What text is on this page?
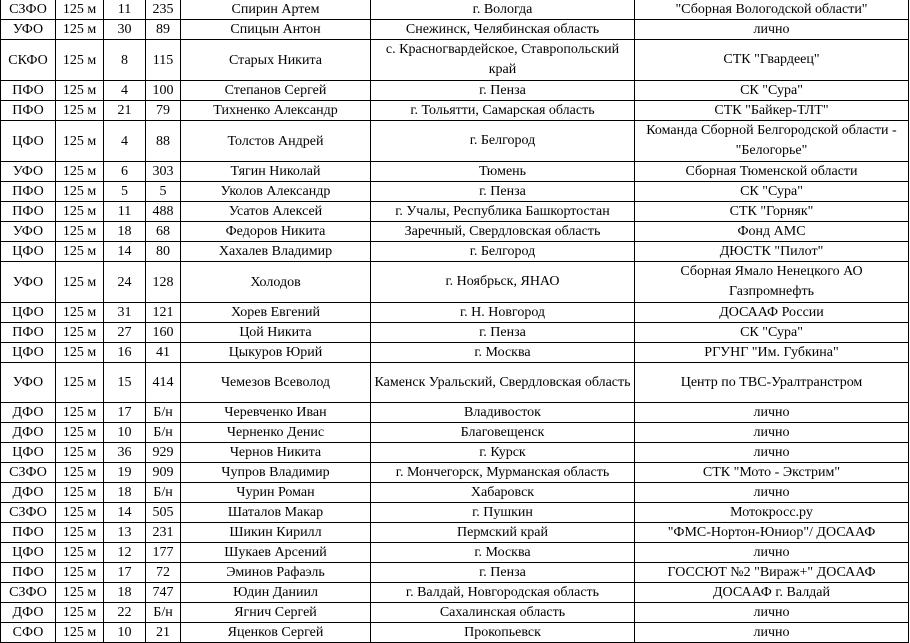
СЗФО	125 м	11	235	Спирин Артем	г. Вологда	"Сборная Вологодской области"
УФО	125 м	30	89	Спицын Антон	Снежинск, Челябинская область	лично
СКФО	125 м	8	115	Старых Никита	с. Красногвардейское, Ставропольский край	СТК "Гвардеец"
ПФО	125 м	4	100	Степанов Сергей	г. Пенза	СК "Сура"
ПФО	125 м	21	79	Тихненко Александр	г. Тольятти, Самарская область	СТК "Байкер-ТЛТ"
ЦФО	125 м	4	88	Толстов Андрей	г. Белгород	Команда Сборной Белгородской области - "Белогорье"
УФО	125 м	6	303	Тягин Николай	Тюмень	Сборная Тюменской области
ПФО	125 м	5	5	Уколов Александр	г. Пенза	СК "Сура"
ПФО	125 м	11	488	Усатов Алексей	г. Учалы, Республика Башкортостан	СТК "Горняк"
УФО	125 м	18	68	Федоров Никита	Заречный, Свердловская область	Фонд АМС
ЦФО	125 м	14	80	Хахалев Владимир	г. Белгород	ДЮСТК "Пилот"
УФО	125 м	24	128	Холодов	г. Ноябрьск, ЯНАО	Сборная Ямало Ненецкого АО Газпромнефть
ЦФО	125 м	31	121	Хорев Евгений	г. Н. Новгород	ДОСААФ России
ПФО	125 м	27	160	Цой Никита	г. Пенза	СК "Сура"
ЦФО	125 м	16	41	Цыкуров Юрий	г. Москва	РГУНГ "Им. Губкина"
УФО	125 м	15	414	Чемезов Всеволод	Каменск Уральский, Свердловская область	Центр по ТВС-Уралтранстром
ДФО	125 м	17	Б/н	Черевченко Иван	Владивосток	лично
ДФО	125 м	10	Б/н	Черненко Денис	Благовещенск	лично
ЦФО	125 м	36	929	Чернов Никита	г. Курск	лично
СЗФО	125 м	19	909	Чупров Владимир	г. Мончегорск, Мурманская область	СТК "Мото - Экстрим"
ДФО	125 м	18	Б/н	Чурин Роман	Хабаровск	лично
СЗФО	125 м	14	505	Шаталов Макар	г. Пушкин	Мотокросс.ру
ПФО	125 м	13	231	Шикин Кирилл	Пермский край	"ФМС-Нортон-Юниор"/ ДОСААФ
ЦФО	125 м	12	177	Шукаев Арсений	г. Москва	лично
ПФО	125 м	17	72	Эминов Рафаэль	г. Пенза	ГОССЮТ №2 "Вираж+" ДОСААФ
СЗФО	125 м	18	747	Юдин Даниил	г. Валдай, Новгородская область	ДОСААФ г. Валдай
ДФО	125 м	22	Б/н	Ягнич Сергей	Сахалинская область	лично
СФО	125 м	10	21	Яценков Сергей	Прокопьевск	лично
